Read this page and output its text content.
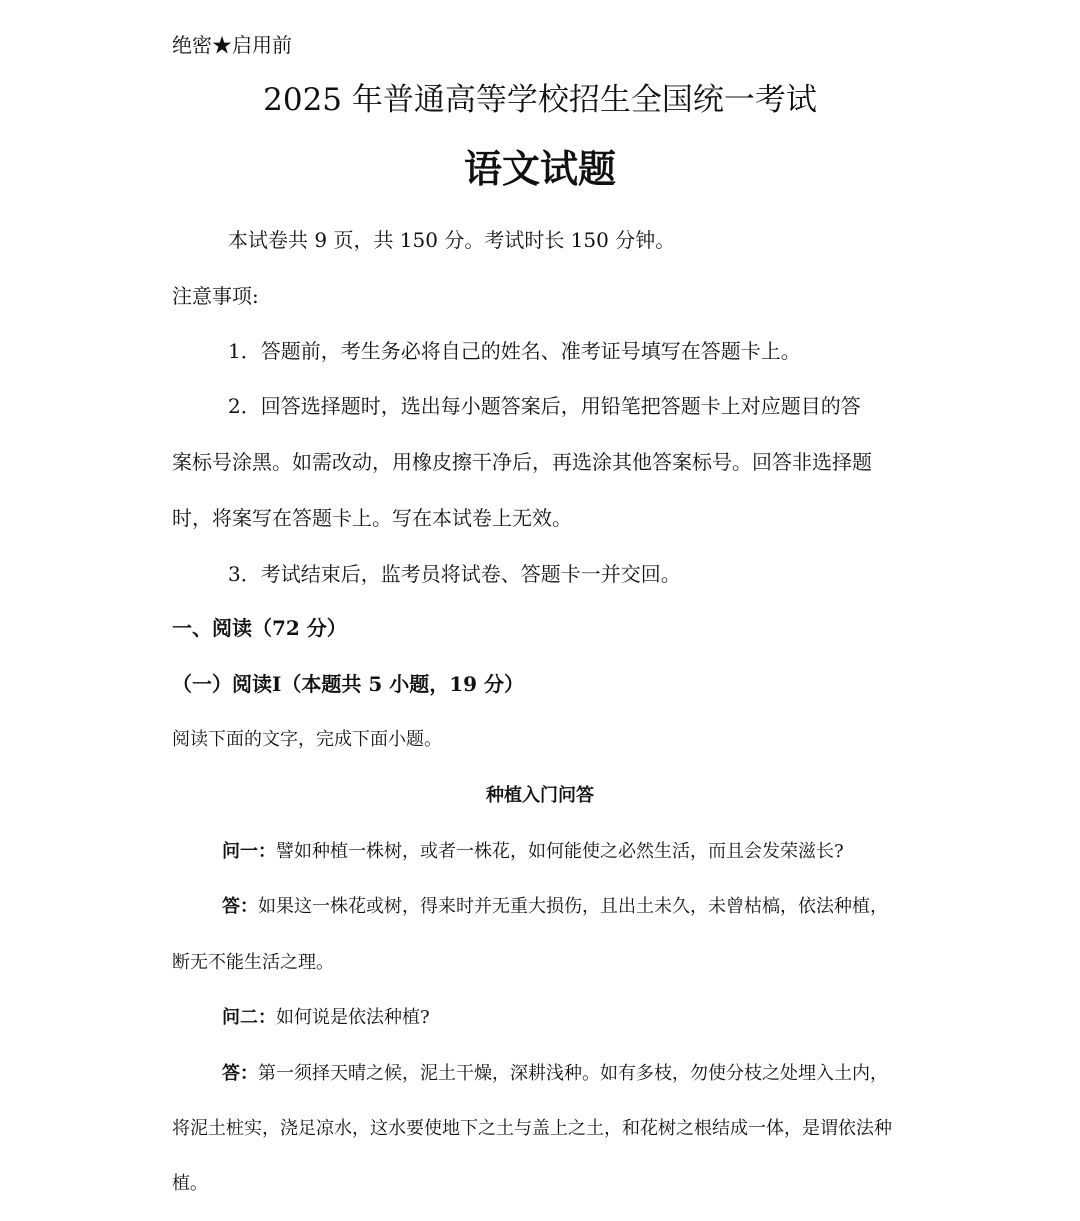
绝密★启用前
2025 年普通高等学校招生全国统一考试
语文试题
本试卷共 9 页，共 150 分。考试时长 150 分钟。
注意事项:
1．答题前，考生务必将自己的姓名、准考证号填写在答题卡上。
2．回答选择题时，选出每小题答案后，用铅笔把答题卡上对应题目的答
案标号涂黑。如需改动，用橡皮擦干净后，再选涂其他答案标号。回答非选择题
时，将案写在答题卡上。写在本试卷上无效。
3．考试结束后，监考员将试卷、答题卡一并交回。
一、阅读（72 分）
（一）阅读I（本题共 5 小题，19 分）
阅读下面的文字，完成下面小题。
种植入门问答
问一：譬如种植一株树，或者一株花，如何能使之必然生活，而且会发荣滋长?
答：如果这一株花或树，得来时并无重大损伤，且出土未久，未曾枯槁，依法种植，
断无不能生活之理。
问二：如何说是依法种植?
答：第一须择天晴之候，泥土干燥，深耕浅种。如有多枝，勿使分枝之处埋入土内，
将泥土桩实，浇足凉水，这水要使地下之土与盖上之土，和花树之根结成一体，是谓依法种
植。
